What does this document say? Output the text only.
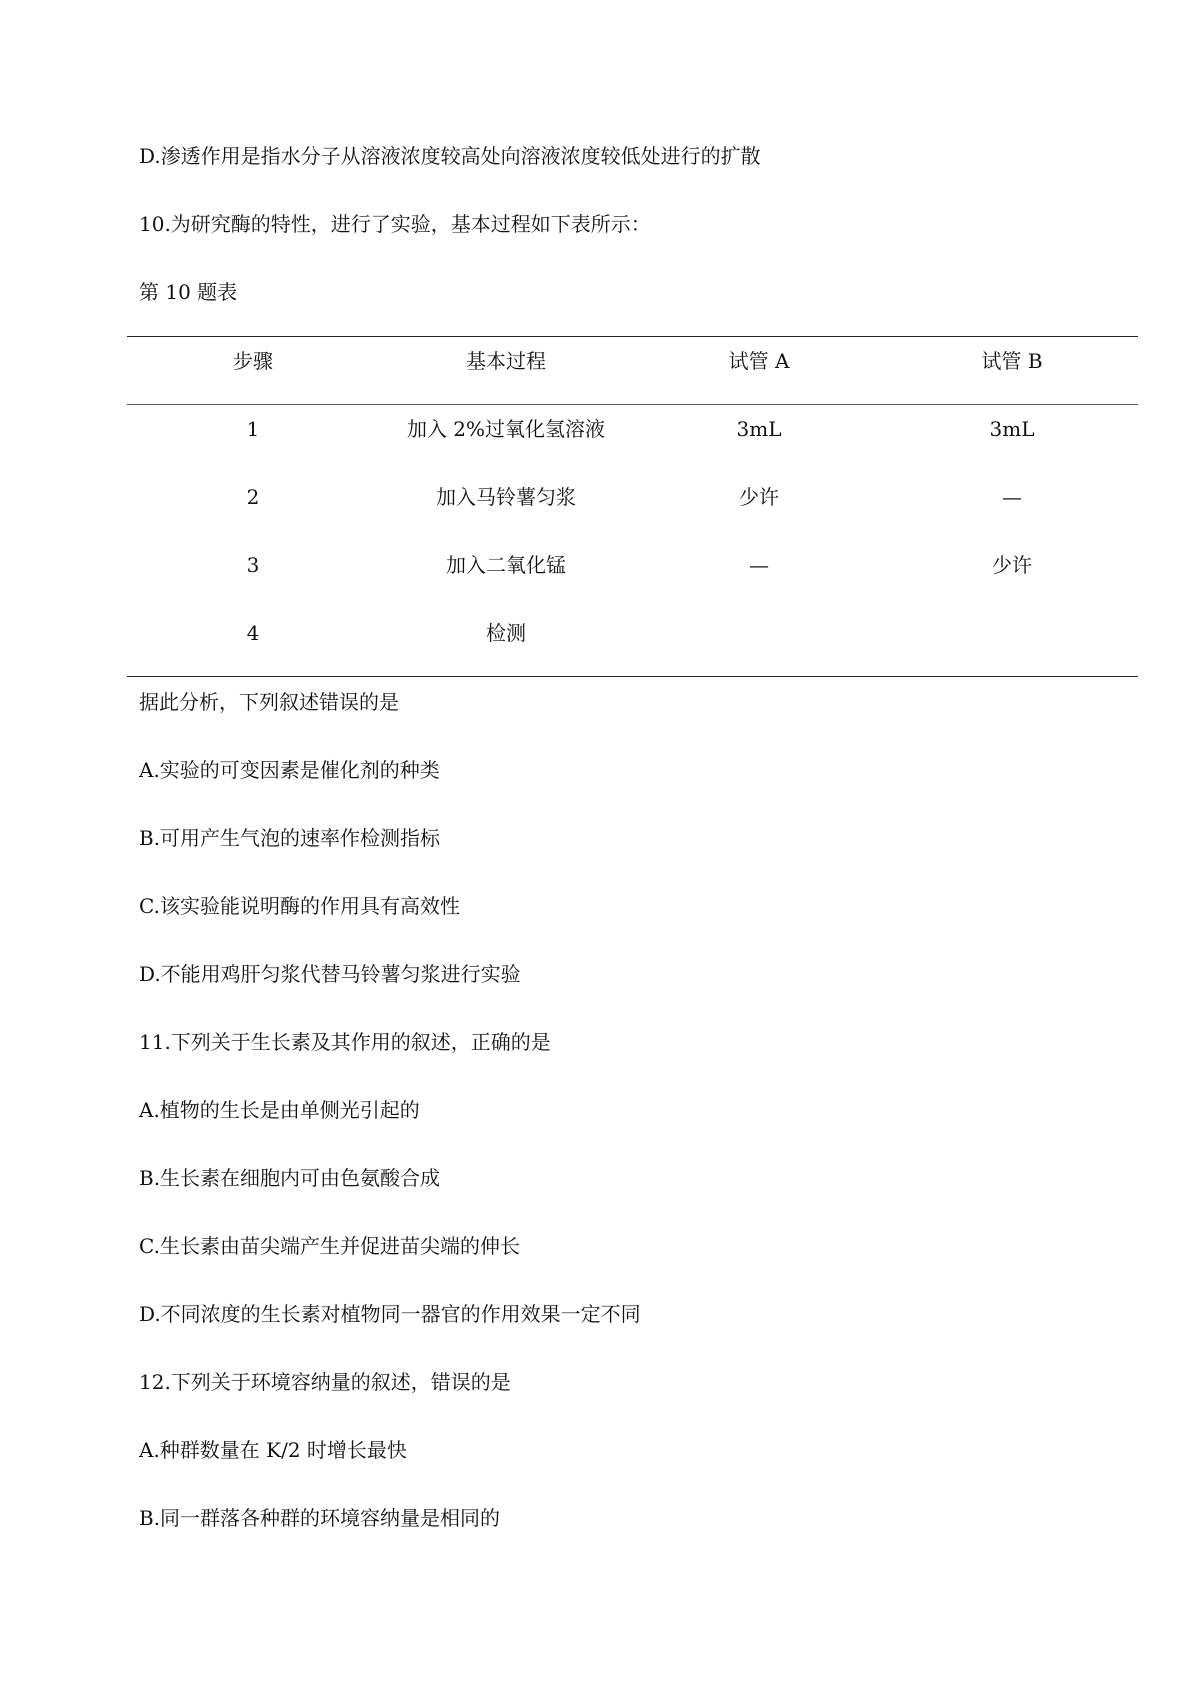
D.渗透作用是指水分子从溶液浓度较高处向溶液浓度较低处进行的扩散
10.为研究酶的特性，进行了实验，基本过程如下表所示：
第 10 题表
步骤	基本过程	试管 A	试管 B
1	加入 2%过氧化氢溶液	3mL	3mL
2	加入马铃薯匀浆	少许	—
3	加入二氧化锰	—	少许
4	检测
据此分析，下列叙述错误的是
A.实验的可变因素是催化剂的种类
B.可用产生气泡的速率作检测指标
C.该实验能说明酶的作用具有高效性
D.不能用鸡肝匀浆代替马铃薯匀浆进行实验
11.下列关于生长素及其作用的叙述，正确的是
A.植物的生长是由单侧光引起的
B.生长素在细胞内可由色氨酸合成
C.生长素由苗尖端产生并促进苗尖端的伸长
D.不同浓度的生长素对植物同一器官的作用效果一定不同
12.下列关于环境容纳量的叙述，错误的是
A.种群数量在 K/2 时增长最快
B.同一群落各种群的环境容纳量是相同的
